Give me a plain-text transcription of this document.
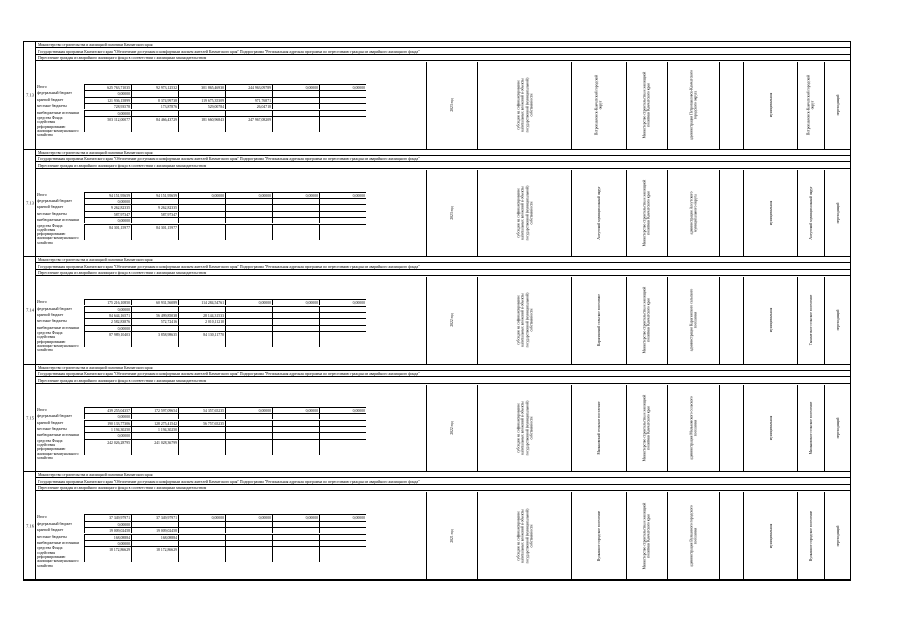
7.13
Министерство строительства и жилищной политики Камчатского края
Государственная программа Камчатского края "Обеспечение доступным и комфортным жильем жителей Камчатского края" Подпрограмма "Региональная адресная программа по переселению граждан из аварийного жилищного фонда"
Переселение граждан из аварийного жилищного фонда в соответствии с жилищным законодательством
Итого	625 763,71035	92 973,12532	301 865,46930	244 963,09789	0,00000	0,00000
федеральный бюджет	0,00000
краевой бюджет	121 936,15899	8 374,99738	119 675,35309	971,76871
местные бюджеты	728,93578	173,87876	529,00784	26,04718
внебюджетные источники	0,00000
средства Фонда содействия реформированию жилищно-коммунального хозяйства
503 112,00077	84 466,43729	181 660,96843	247 967,08209
2023 год	субсидии на софинансирование капитальных вложений в объекты государственной (муниципальной) собственности	Петропавловск-Камчатский городской округ	Министерство строительства и жилищной политики Камчатского края	администрация Петропавловск-Камчатского городского округа	муниципальная	Петропавловск-Камчатский городской округ	переходящий
7.13
Министерство строительства и жилищной политики Камчатского края
Государственная программа Камчатского края "Обеспечение доступным и комфортным жильем жителей Камчатского края" Подпрограмма "Региональная адресная программа по переселению граждан из аварийного жилищного фонда"
Переселение граждан из аварийного жилищного фонда в соответствии с жилищным законодательством
Итого	94 151,95659	94 151,95659	0,00000	0,00000	0,00000	0,00000
федеральный бюджет	0,00000
краевой бюджет	9 262,82335	9 262,82335
местные бюджеты	587,97347	587,97347
внебюджетные источники	0,00000
средства Фонда содействия реформированию жилищно-коммунального хозяйства
84 301,15977	84 301,15977
2023 год	субсидии на софинансирование капитальных вложений в объекты государственной (муниципальной) собственности	Алеутский муниципальный округ	Министерство строительства и жилищной политики Камчатского края	администрация Алеутского муниципального округа	муниципальная	Алеутский муниципальный округ	переходящий
7.14
Министерство строительства и жилищной политики Камчатского края
Государственная программа Камчатского края "Обеспечение доступным и комфортным жильем жителей Камчатского края" Подпрограмма "Региональная адресная программа по переселению граждан из аварийного жилищного фонда"
Переселение граждан из аварийного жилищного фонда в соответствии с жилищным законодательством
Итого	175 216,10850	60 931,56089	114 284,54761	0,00000	0,00000	0,00000
федеральный бюджет	0,00000
краевой бюджет	84 644,16571	56 499,85038	28 144,31533
местные бюджеты	2 582,83876	572,72416	2 010,11210
внебюджетные источники	0,00000
средства Фонда содействия реформированию жилищно-коммунального хозяйства
87 989,10403	3 858,98635	84 130,11770
2022 год	субсидии на софинансирование капитальных вложений в объекты государственной (муниципальной) собственности	Карагинский сельское поселение	Министерство строительства и жилищной политики Камчатского края	администрация Карагинского сельского поселения	муниципальная	Тымлатское сельское поселение	переходящий
7.15
Министерство строительства и жилищной политики Камчатского края
Государственная программа Камчатского края "Обеспечение доступным и комфортным жильем жителей Камчатского края" Подпрограмма "Региональная адресная программа по переселению граждан из аварийного жилищного фонда"
Переселение граждан из аварийного жилищного фонда в соответствии с жилищным законодательством
Итого	439 255,04357	172 597,09654	54 357,65235	0,00000	0,00000	0,00000
федеральный бюджет	0,00000
краевой бюджет	190 133,77306	128 275,41542	56 757,65235
местные бюджеты	1 194,30250	1 194,30250
внебюджетные источники	0,00000
средства Фонда содействия реформированию жилищно-коммунального хозяйства
242 026,28795	241 028,36799
2022 год	субсидии на софинансирование капитальных вложений в объекты государственной (муниципальной) собственности	Мильковский сельское поселение	Министерство строительства и жилищной политики Камчатского края	администрация Мильковского сельского поселения	муниципальная	Мильковское сельское поселение	переходящий
7.16
Министерство строительства и жилищной политики Камчатского края
Государственная программа Камчатского края "Обеспечение доступным и комфортным жильем жителей Камчатского края" Подпрограмма "Региональная адресная программа по переселению граждан из аварийного жилищного фонда"
Переселение граждан из аварийного жилищного фонда в соответствии с жилищным законодательством
Итого	37 349,97971	37 349,97971	0,00000	0,00000	0,00000	0,00000
федеральный бюджет	0,00000
краевой бюджет	19 009,02458	19 009,02458
местные бюджеты	168,08884	168,08884
внебюджетные источники	0,00000
средства Фонда содействия реформированию жилищно-коммунального хозяйства
18 172,86629	18 172,86629
2021 год	субсидии на софинансирование капитальных вложений в объекты государственной (муниципальной) собственности	Вулканное городское поселение	Министерство строительства и жилищной политики Камчатского края	администрация Вулканного городского поселения	муниципальная	Вулканное городское поселение	переходящий
